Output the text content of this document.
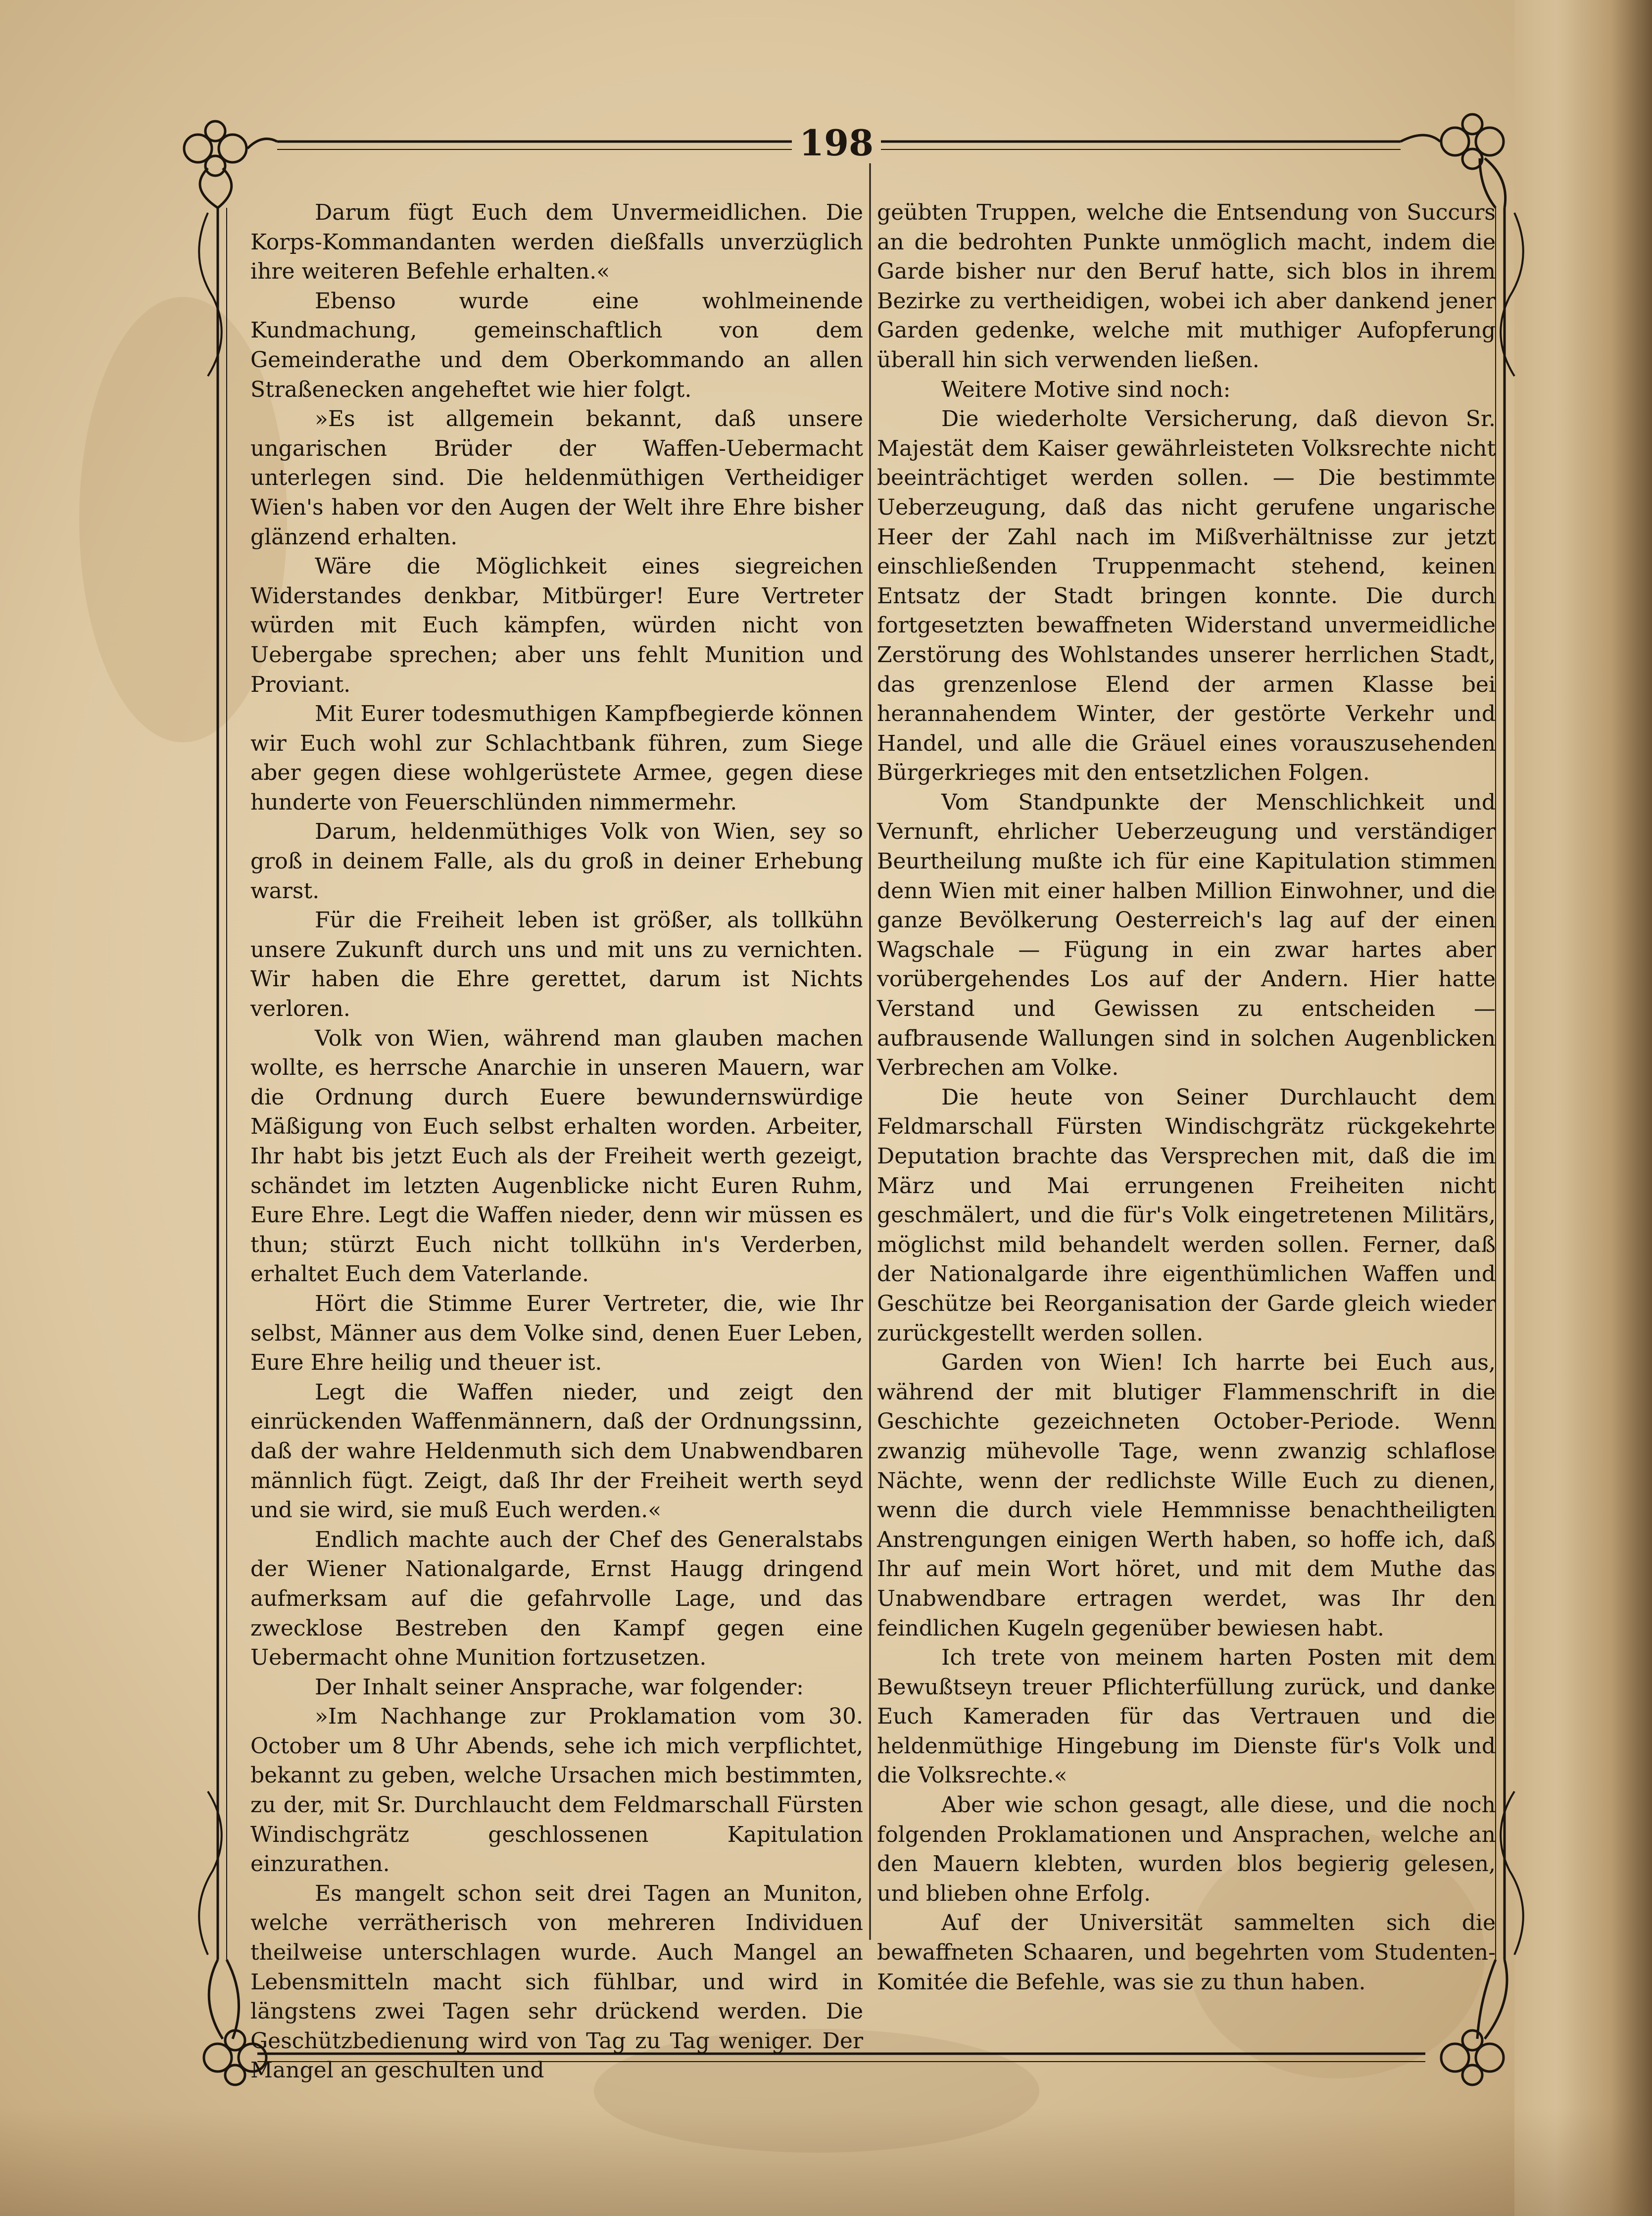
198

Darum fügt Euch dem Unvermeidlichen. Die Korps-Kommandanten werden dießfalls unverzüglich ihre weiteren Befehle erhalten.«

Ebenso wurde eine wohlmeinende Kundmachung, gemeinschaftlich von dem Gemeinderathe und dem Oberkommando an allen Straßenecken angeheftet wie hier folgt.

»Es ist allgemein bekannt, daß unsere ungarischen Brüder der Waffen-Uebermacht unterlegen sind. Die heldenmüthigen Vertheidiger Wien's haben vor den Augen der Welt ihre Ehre bisher glänzend erhalten.

Wäre die Möglichkeit eines siegreichen Widerstandes denkbar, Mitbürger! Eure Vertreter würden mit Euch kämpfen, würden nicht von Uebergabe sprechen; aber uns fehlt Munition und Proviant.

Mit Eurer todesmuthigen Kampfbegierde können wir Euch wohl zur Schlachtbank führen, zum Siege aber gegen diese wohlgerüstete Armee, gegen diese hunderte von Feuerschlünden nimmermehr.

Darum, heldenmüthiges Volk von Wien, sey so groß in deinem Falle, als du groß in deiner Erhebung warst.

Für die Freiheit leben ist größer, als tollkühn unsere Zukunft durch uns und mit uns zu vernichten. Wir haben die Ehre gerettet, darum ist Nichts verloren.

Volk von Wien, während man glauben machen wollte, es herrsche Anarchie in unseren Mauern, war die Ordnung durch Euere bewundernswürdige Mäßigung von Euch selbst erhalten worden. Arbeiter, Ihr habt bis jetzt Euch als der Freiheit werth gezeigt, schändet im letzten Augenblicke nicht Euren Ruhm, Eure Ehre. Legt die Waffen nieder, denn wir müssen es thun; stürzt Euch nicht tollkühn in's Verderben, erhaltet Euch dem Vaterlande.

Hört die Stimme Eurer Vertreter, die, wie Ihr selbst, Männer aus dem Volke sind, denen Euer Leben, Eure Ehre heilig und theuer ist.

Legt die Waffen nieder, und zeigt den einrückenden Waffenmännern, daß der Ordnungssinn, daß der wahre Heldenmuth sich dem Unabwendbaren männlich fügt. Zeigt, daß Ihr der Freiheit werth seyd und sie wird, sie muß Euch werden.«

Endlich machte auch der Chef des Generalstabs der Wiener Nationalgarde, Ernst Haugg dringend aufmerksam auf die gefahrvolle Lage, und das zwecklose Bestreben den Kampf gegen eine Uebermacht ohne Munition fortzusetzen.

Der Inhalt seiner Ansprache, war folgender:

»Im Nachhange zur Proklamation vom 30. October um 8 Uhr Abends, sehe ich mich verpflichtet, bekannt zu geben, welche Ursachen mich bestimmten, zu der, mit Sr. Durchlaucht dem Feldmarschall Fürsten Windischgrätz geschlossenen Kapitulation einzurathen.

Es mangelt schon seit drei Tagen an Muniton, welche verrätherisch von mehreren Individuen theilweise unterschlagen wurde. Auch Mangel an Lebensmitteln macht sich fühlbar, und wird in längstens zwei Tagen sehr drückend werden. Die Geschützbedienung wird von Tag zu Tag weniger. Der Mangel an geschulten und

geübten Truppen, welche die Entsendung von Succurs an die bedrohten Punkte unmöglich macht, indem die Garde bisher nur den Beruf hatte, sich blos in ihrem Bezirke zu vertheidigen, wobei ich aber dankend jener Garden gedenke, welche mit muthiger Aufopferung überall hin sich verwenden ließen.

Weitere Motive sind noch:

Die wiederholte Versicherung, daß dievon Sr. Majestät dem Kaiser gewährleisteten Volksrechte nicht beeinträchtiget werden sollen. — Die bestimmte Ueberzeugung, daß das nicht gerufene ungarische Heer der Zahl nach im Mißverhältnisse zur jetzt einschließenden Truppenmacht stehend, keinen Entsatz der Stadt bringen konnte. Die durch fortgesetzten bewaffneten Widerstand unvermeidliche Zerstörung des Wohlstandes unserer herrlichen Stadt, das grenzenlose Elend der armen Klasse bei herannahendem Winter, der gestörte Verkehr und Handel, und alle die Gräuel eines vorauszusehenden Bürgerkrieges mit den entsetzlichen Folgen.

Vom Standpunkte der Menschlichkeit und Vernunft, ehrlicher Ueberzeugung und verständiger Beurtheilung mußte ich für eine Kapitulation stimmen denn Wien mit einer halben Million Einwohner, und die ganze Bevölkerung Oesterreich's lag auf der einen Wagschale — Fügung in ein zwar hartes aber vorübergehendes Los auf der Andern. Hier hatte Verstand und Gewissen zu entscheiden — aufbrausende Wallungen sind in solchen Augenblicken Verbrechen am Volke.

Die heute von Seiner Durchlaucht dem Feldmarschall Fürsten Windischgrätz rückgekehrte Deputation brachte das Versprechen mit, daß die im März und Mai errungenen Freiheiten nicht geschmälert, und die für's Volk eingetretenen Militärs, möglichst mild behandelt werden sollen. Ferner, daß der Nationalgarde ihre eigenthümlichen Waffen und Geschütze bei Reorganisation der Garde gleich wieder zurückgestellt werden sollen.

Garden von Wien! Ich harrte bei Euch aus, während der mit blutiger Flammenschrift in die Geschichte gezeichneten October-Periode. Wenn zwanzig mühevolle Tage, wenn zwanzig schlaflose Nächte, wenn der redlichste Wille Euch zu dienen, wenn die durch viele Hemmnisse benachtheiligten Anstrengungen einigen Werth haben, so hoffe ich, daß Ihr auf mein Wort höret, und mit dem Muthe das Unabwendbare ertragen werdet, was Ihr den feindlichen Kugeln gegenüber bewiesen habt.

Ich trete von meinem harten Posten mit dem Bewußtseyn treuer Pflichterfüllung zurück, und danke Euch Kameraden für das Vertrauen und die heldenmüthige Hingebung im Dienste für's Volk und die Volksrechte.«

Aber wie schon gesagt, alle diese, und die noch folgenden Proklamationen und Ansprachen, welche an den Mauern klebten, wurden blos begierig gelesen, und blieben ohne Erfolg.

Auf der Universität sammelten sich die bewaffneten Schaaren, und begehrten vom Studenten-Komitée die Befehle, was sie zu thun haben.
